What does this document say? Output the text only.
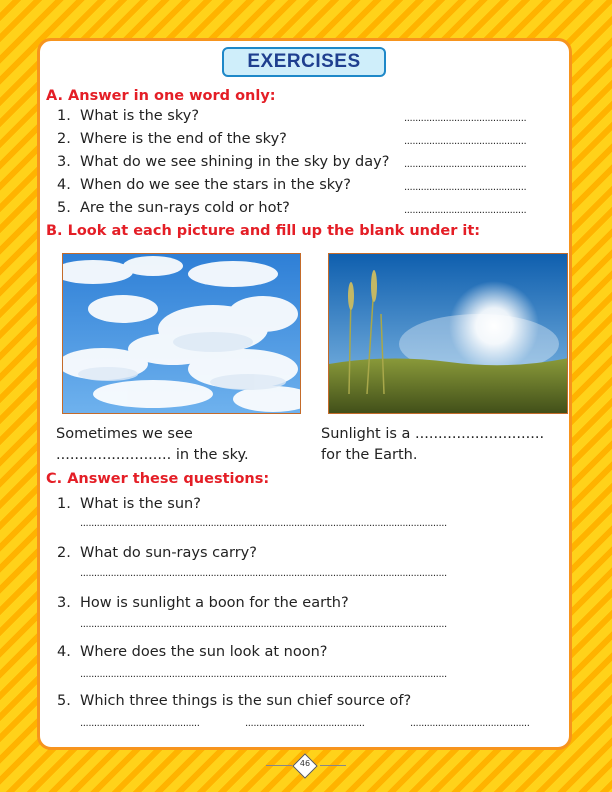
EXERCISES
A. Answer in one word only:
1. What is the sky?	............................................
2. Where is the end of the sky?	............................................
3. What do we see shining in the sky by day? ............................................
4. When do we see the stars in the sky?	............................................
5. Are the sun-rays cold or hot?	............................................
B. Look at each picture and fill up the blank under it:
Sometimes we see ......................... in the sky.
Sunlight is a ............................ for the Earth.
C. Answer these questions:
1. What is the sun?
....................................................................................................................................
2. What do sun-rays carry?
....................................................................................................................................
3. How is sunlight a boon for the earth?
....................................................................................................................................
4. Where does the sun look at noon?
....................................................................................................................................
5. Which three things is the sun chief source of?
...........................................	...........................................	...........................................
46
